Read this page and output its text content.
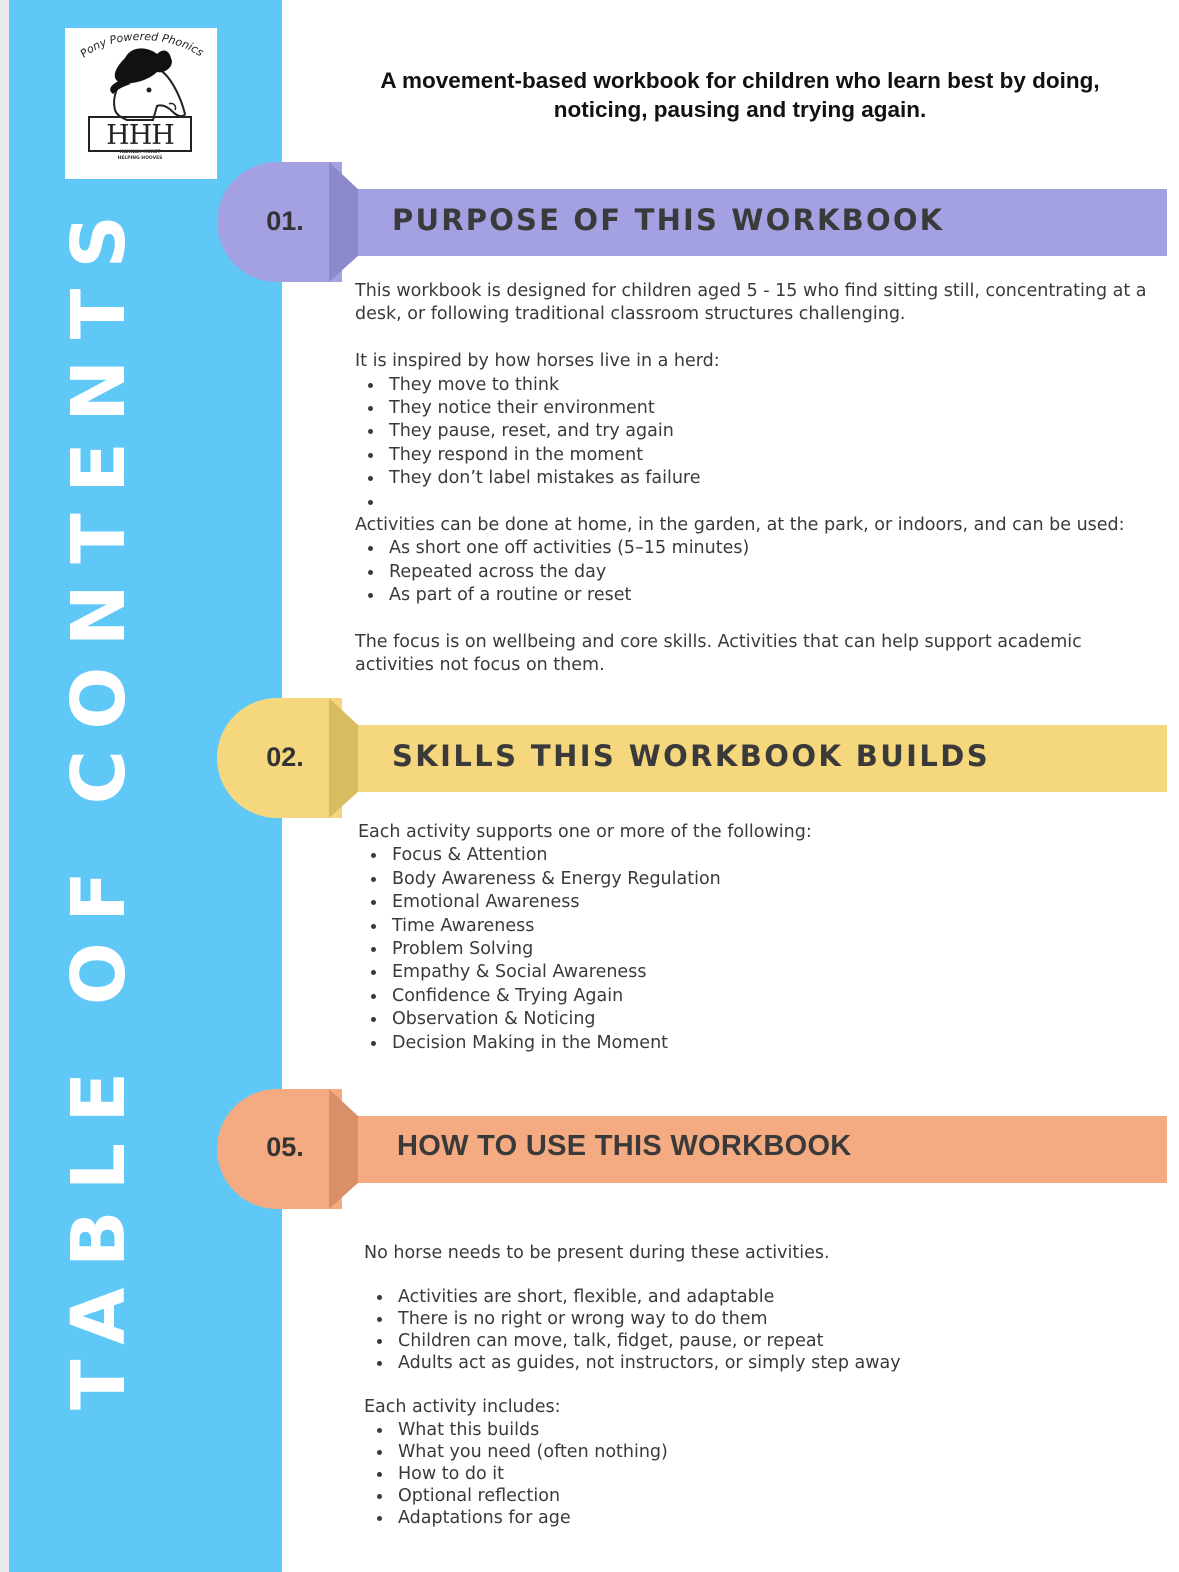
TABLE OF CONTENTS
Pony Powered Phonics
HHH
HANNAH HURST
HELPING HOOVES
A movement-based workbook for children who learn best by doing,
noticing, pausing and trying again.
01.	PURPOSE OF THIS WORKBOOK

This workbook is designed for children aged 5 - 15 who find sitting still, concentrating at a desk, or following traditional classroom structures challenging.

It is inspired by how horses live in a herd:

They move to think
They notice their environment
They pause, reset, and try again
They respond in the moment
They don’t label mistakes as failure

Activities can be done at home, in the garden, at the park, or indoors, and can be used:

As short one off activities (5–15 minutes)
Repeated across the day
As part of a routine or reset

The focus is on wellbeing and core skills. Activities that can help support academic activities not focus on them.

02.	SKILLS THIS WORKBOOK BUILDS

Each activity supports one or more of the following:

Focus & Attention
Body Awareness & Energy Regulation
Emotional Awareness
Time Awareness
Problem Solving
Empathy & Social Awareness
Confidence & Trying Again
Observation & Noticing
Decision Making in the Moment
05.	HOW TO USE THIS WORKBOOK

No horse needs to be present during these activities.

Activities are short, flexible, and adaptable
There is no right or wrong way to do them
Children can move, talk, fidget, pause, or repeat
Adults act as guides, not instructors, or simply step away

Each activity includes:

What this builds
What you need (often nothing)
How to do it
Optional reflection
Adaptations for age
